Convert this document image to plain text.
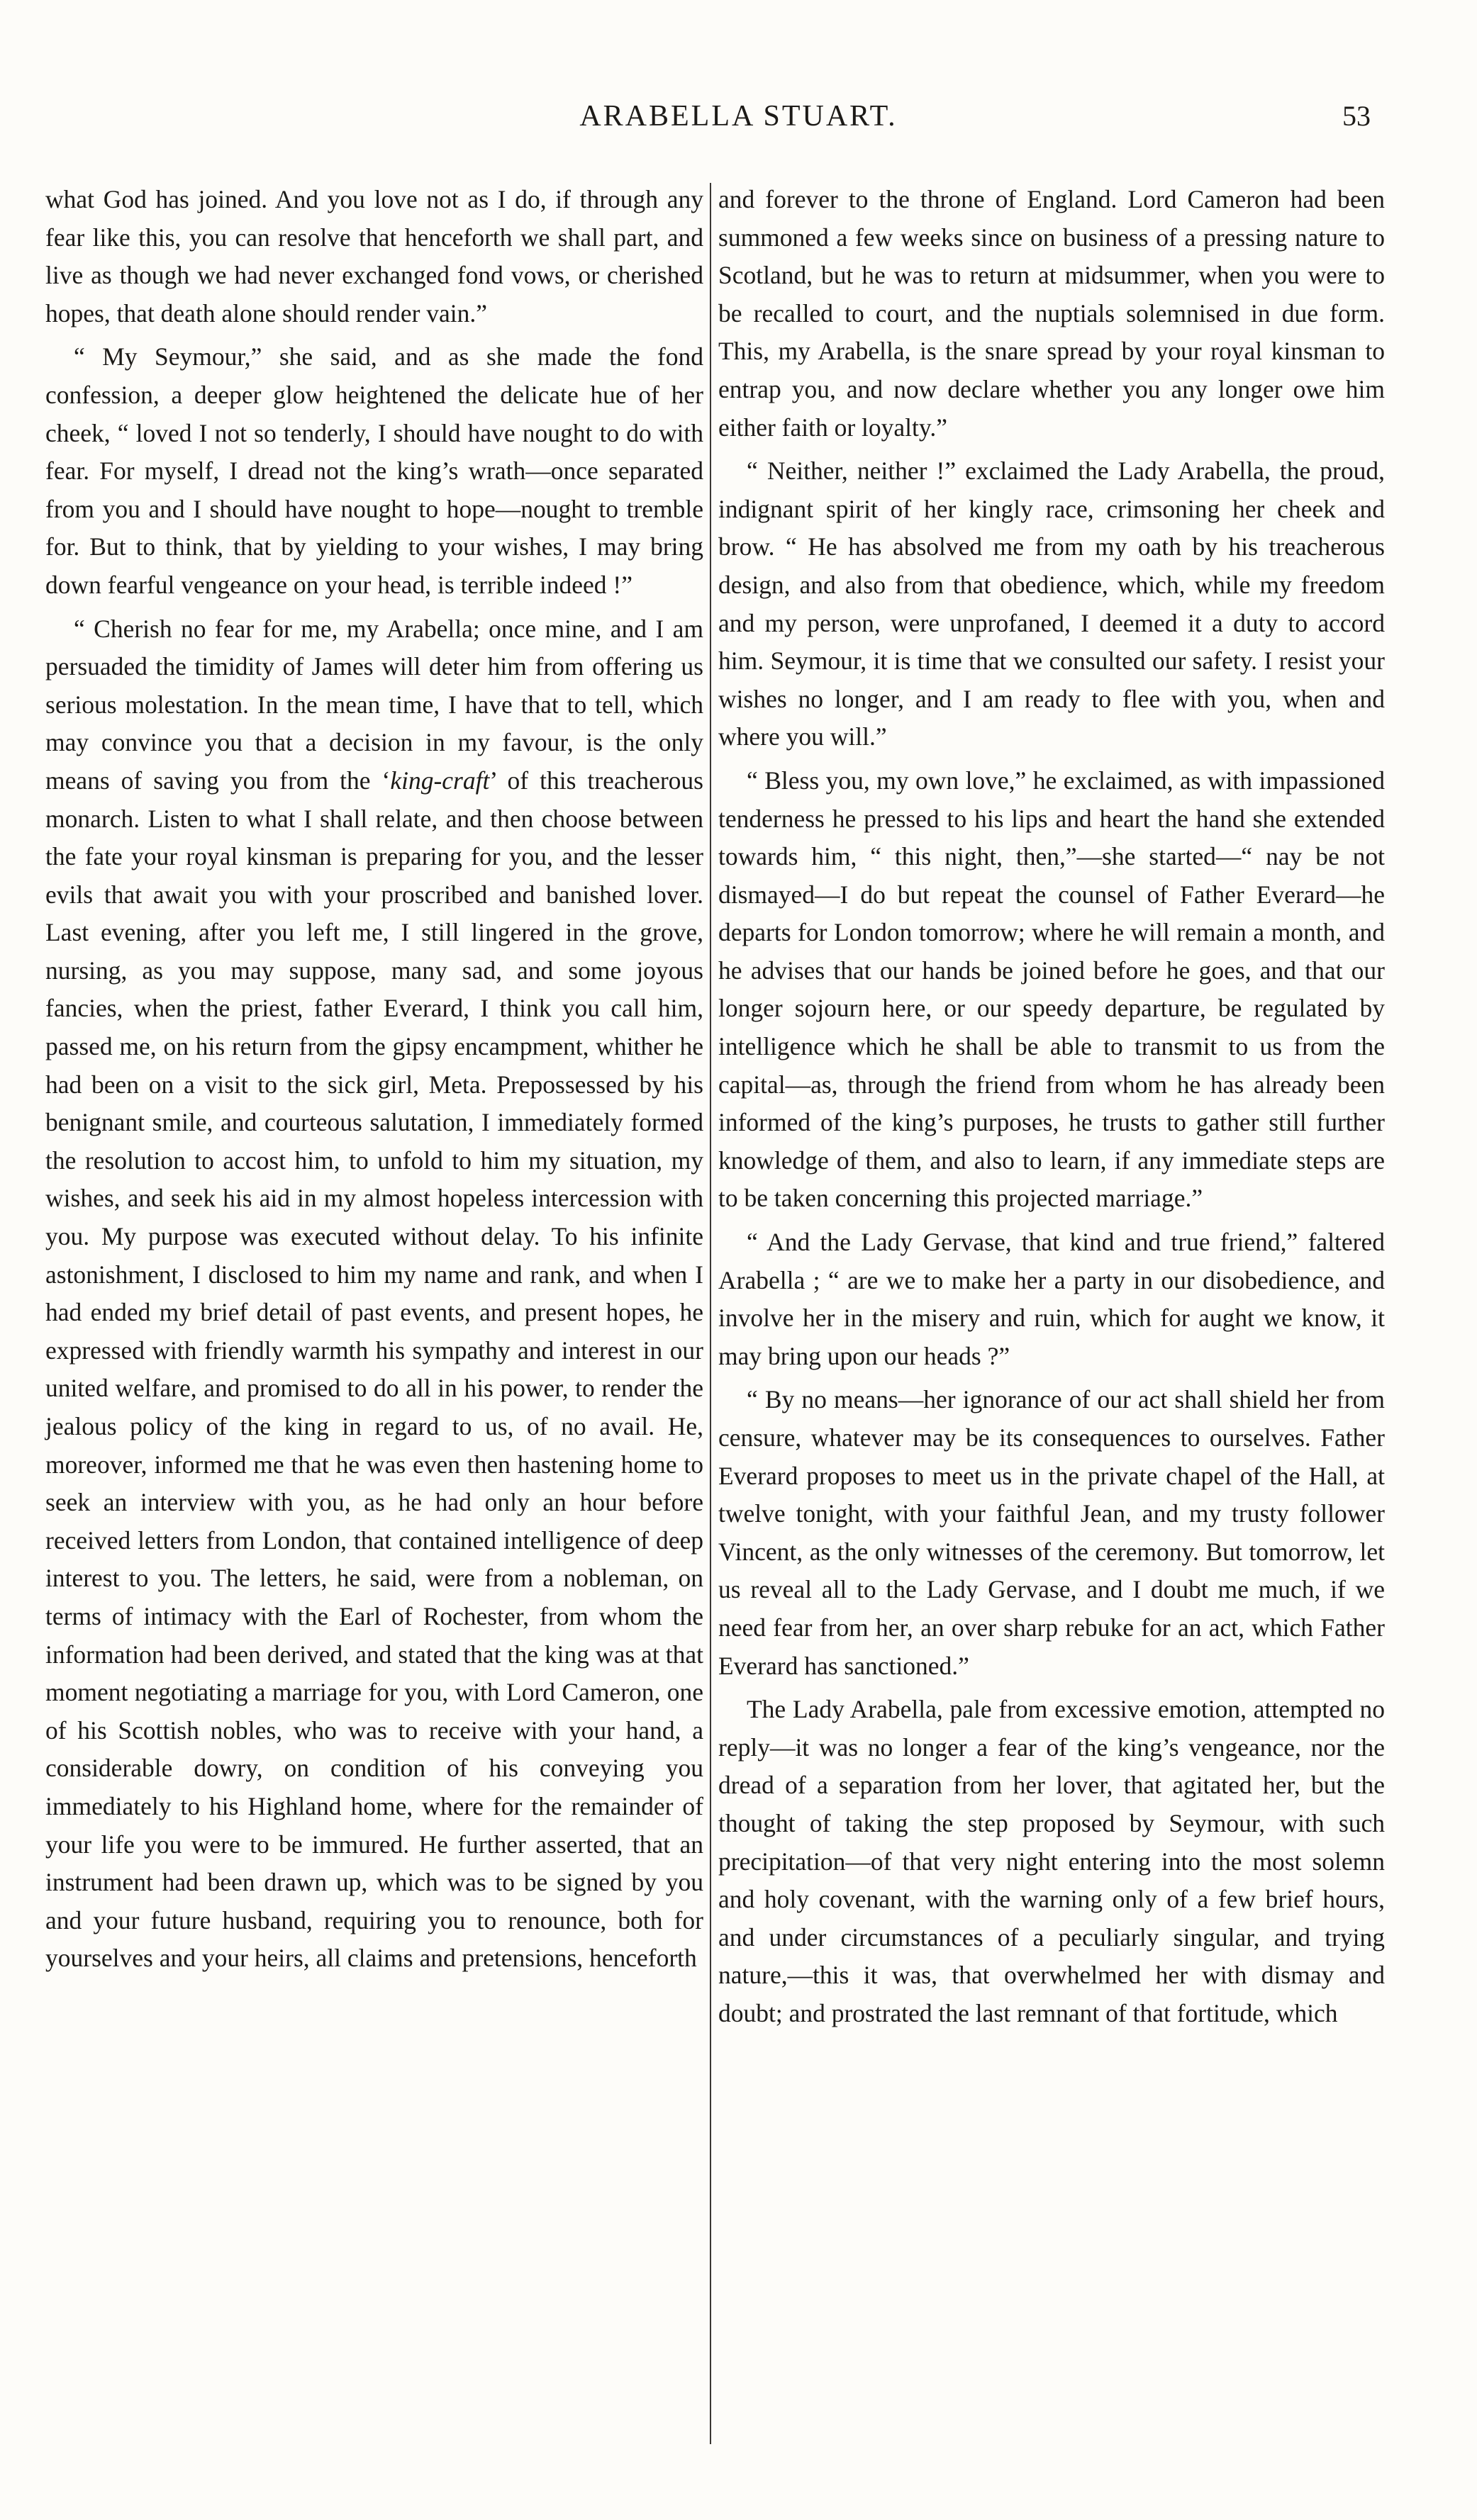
ARABELLA STUART.	53

what God has joined. And you love not as I do, if through any fear like this, you can resolve that henceforth we shall part, and live as though we had never exchanged fond vows, or cherished hopes, that death alone should render vain.”

“ My Seymour,” she said, and as she made the fond confession, a deeper glow heightened the delicate hue of her cheek, “ loved I not so tenderly, I should have nought to do with fear. For myself, I dread not the king’s wrath—once separated from you and I should have nought to hope—nought to tremble for. But to think, that by yielding to your wishes, I may bring down fearful vengeance on your head, is terrible indeed !”

“ Cherish no fear for me, my Arabella; once mine, and I am persuaded the timidity of James will deter him from offering us serious molestation. In the mean time, I have that to tell, which may convince you that a decision in my favour, is the only means of saving you from the ‘king-craft’ of this treacherous monarch. Listen to what I shall relate, and then choose between the fate your royal kinsman is preparing for you, and the lesser evils that await you with your proscribed and banished lover. Last evening, after you left me, I still lingered in the grove, nursing, as you may suppose, many sad, and some joyous fancies, when the priest, father Everard, I think you call him, passed me, on his return from the gipsy encampment, whither he had been on a visit to the sick girl, Meta. Prepossessed by his benignant smile, and courteous salutation, I immediately formed the resolution to accost him, to unfold to him my situation, my wishes, and seek his aid in my almost hopeless intercession with you. My purpose was executed without delay. To his infinite astonishment, I disclosed to him my name and rank, and when I had ended my brief detail of past events, and present hopes, he expressed with friendly warmth his sympathy and interest in our united welfare, and promised to do all in his power, to render the jealous policy of the king in regard to us, of no avail. He, moreover, informed me that he was even then hastening home to seek an interview with you, as he had only an hour before received letters from London, that contained intelligence of deep interest to you. The letters, he said, were from a nobleman, on terms of intimacy with the Earl of Rochester, from whom the information had been derived, and stated that the king was at that moment negotiating a marriage for you, with Lord Cameron, one of his Scottish nobles, who was to receive with your hand, a considerable dowry, on condition of his conveying you immediately to his Highland home, where for the remainder of your life you were to be immured. He further asserted, that an instrument had been drawn up, which was to be signed by you and your future husband, requiring you to renounce, both for yourselves and your heirs, all claims and pretensions, henceforth

and forever to the throne of England. Lord Cameron had been summoned a few weeks since on business of a pressing nature to Scotland, but he was to return at midsummer, when you were to be recalled to court, and the nuptials solemnised in due form. This, my Arabella, is the snare spread by your royal kinsman to entrap you, and now declare whether you any longer owe him either faith or loyalty.”

“ Neither, neither !” exclaimed the Lady Arabella, the proud, indignant spirit of her kingly race, crimsoning her cheek and brow. “ He has absolved me from my oath by his treacherous design, and also from that obedience, which, while my freedom and my person, were unprofaned, I deemed it a duty to accord him. Seymour, it is time that we consulted our safety. I resist your wishes no longer, and I am ready to flee with you, when and where you will.”

“ Bless you, my own love,” he exclaimed, as with impassioned tenderness he pressed to his lips and heart the hand she extended towards him, “ this night, then,”—she started—“ nay be not dismayed—I do but repeat the counsel of Father Everard—he departs for London tomorrow; where he will remain a month, and he advises that our hands be joined before he goes, and that our longer sojourn here, or our speedy departure, be regulated by intelligence which he shall be able to transmit to us from the capital—as, through the friend from whom he has already been informed of the king’s purposes, he trusts to gather still further knowledge of them, and also to learn, if any immediate steps are to be taken concerning this projected marriage.”

“ And the Lady Gervase, that kind and true friend,” faltered Arabella ; “ are we to make her a party in our disobedience, and involve her in the misery and ruin, which for aught we know, it may bring upon our heads ?”

“ By no means—her ignorance of our act shall shield her from censure, whatever may be its consequences to ourselves. Father Everard proposes to meet us in the private chapel of the Hall, at twelve tonight, with your faithful Jean, and my trusty follower Vincent, as the only witnesses of the ceremony. But tomorrow, let us reveal all to the Lady Gervase, and I doubt me much, if we need fear from her, an over sharp rebuke for an act, which Father Everard has sanctioned.”

The Lady Arabella, pale from excessive emotion, attempted no reply—it was no longer a fear of the king’s vengeance, nor the dread of a separation from her lover, that agitated her, but the thought of taking the step proposed by Seymour, with such precipitation—of that very night entering into the most solemn and holy covenant, with the warning only of a few brief hours, and under circumstances of a peculiarly singular, and trying nature,—this it was, that overwhelmed her with dismay and doubt; and prostrated the last remnant of that fortitude, which
